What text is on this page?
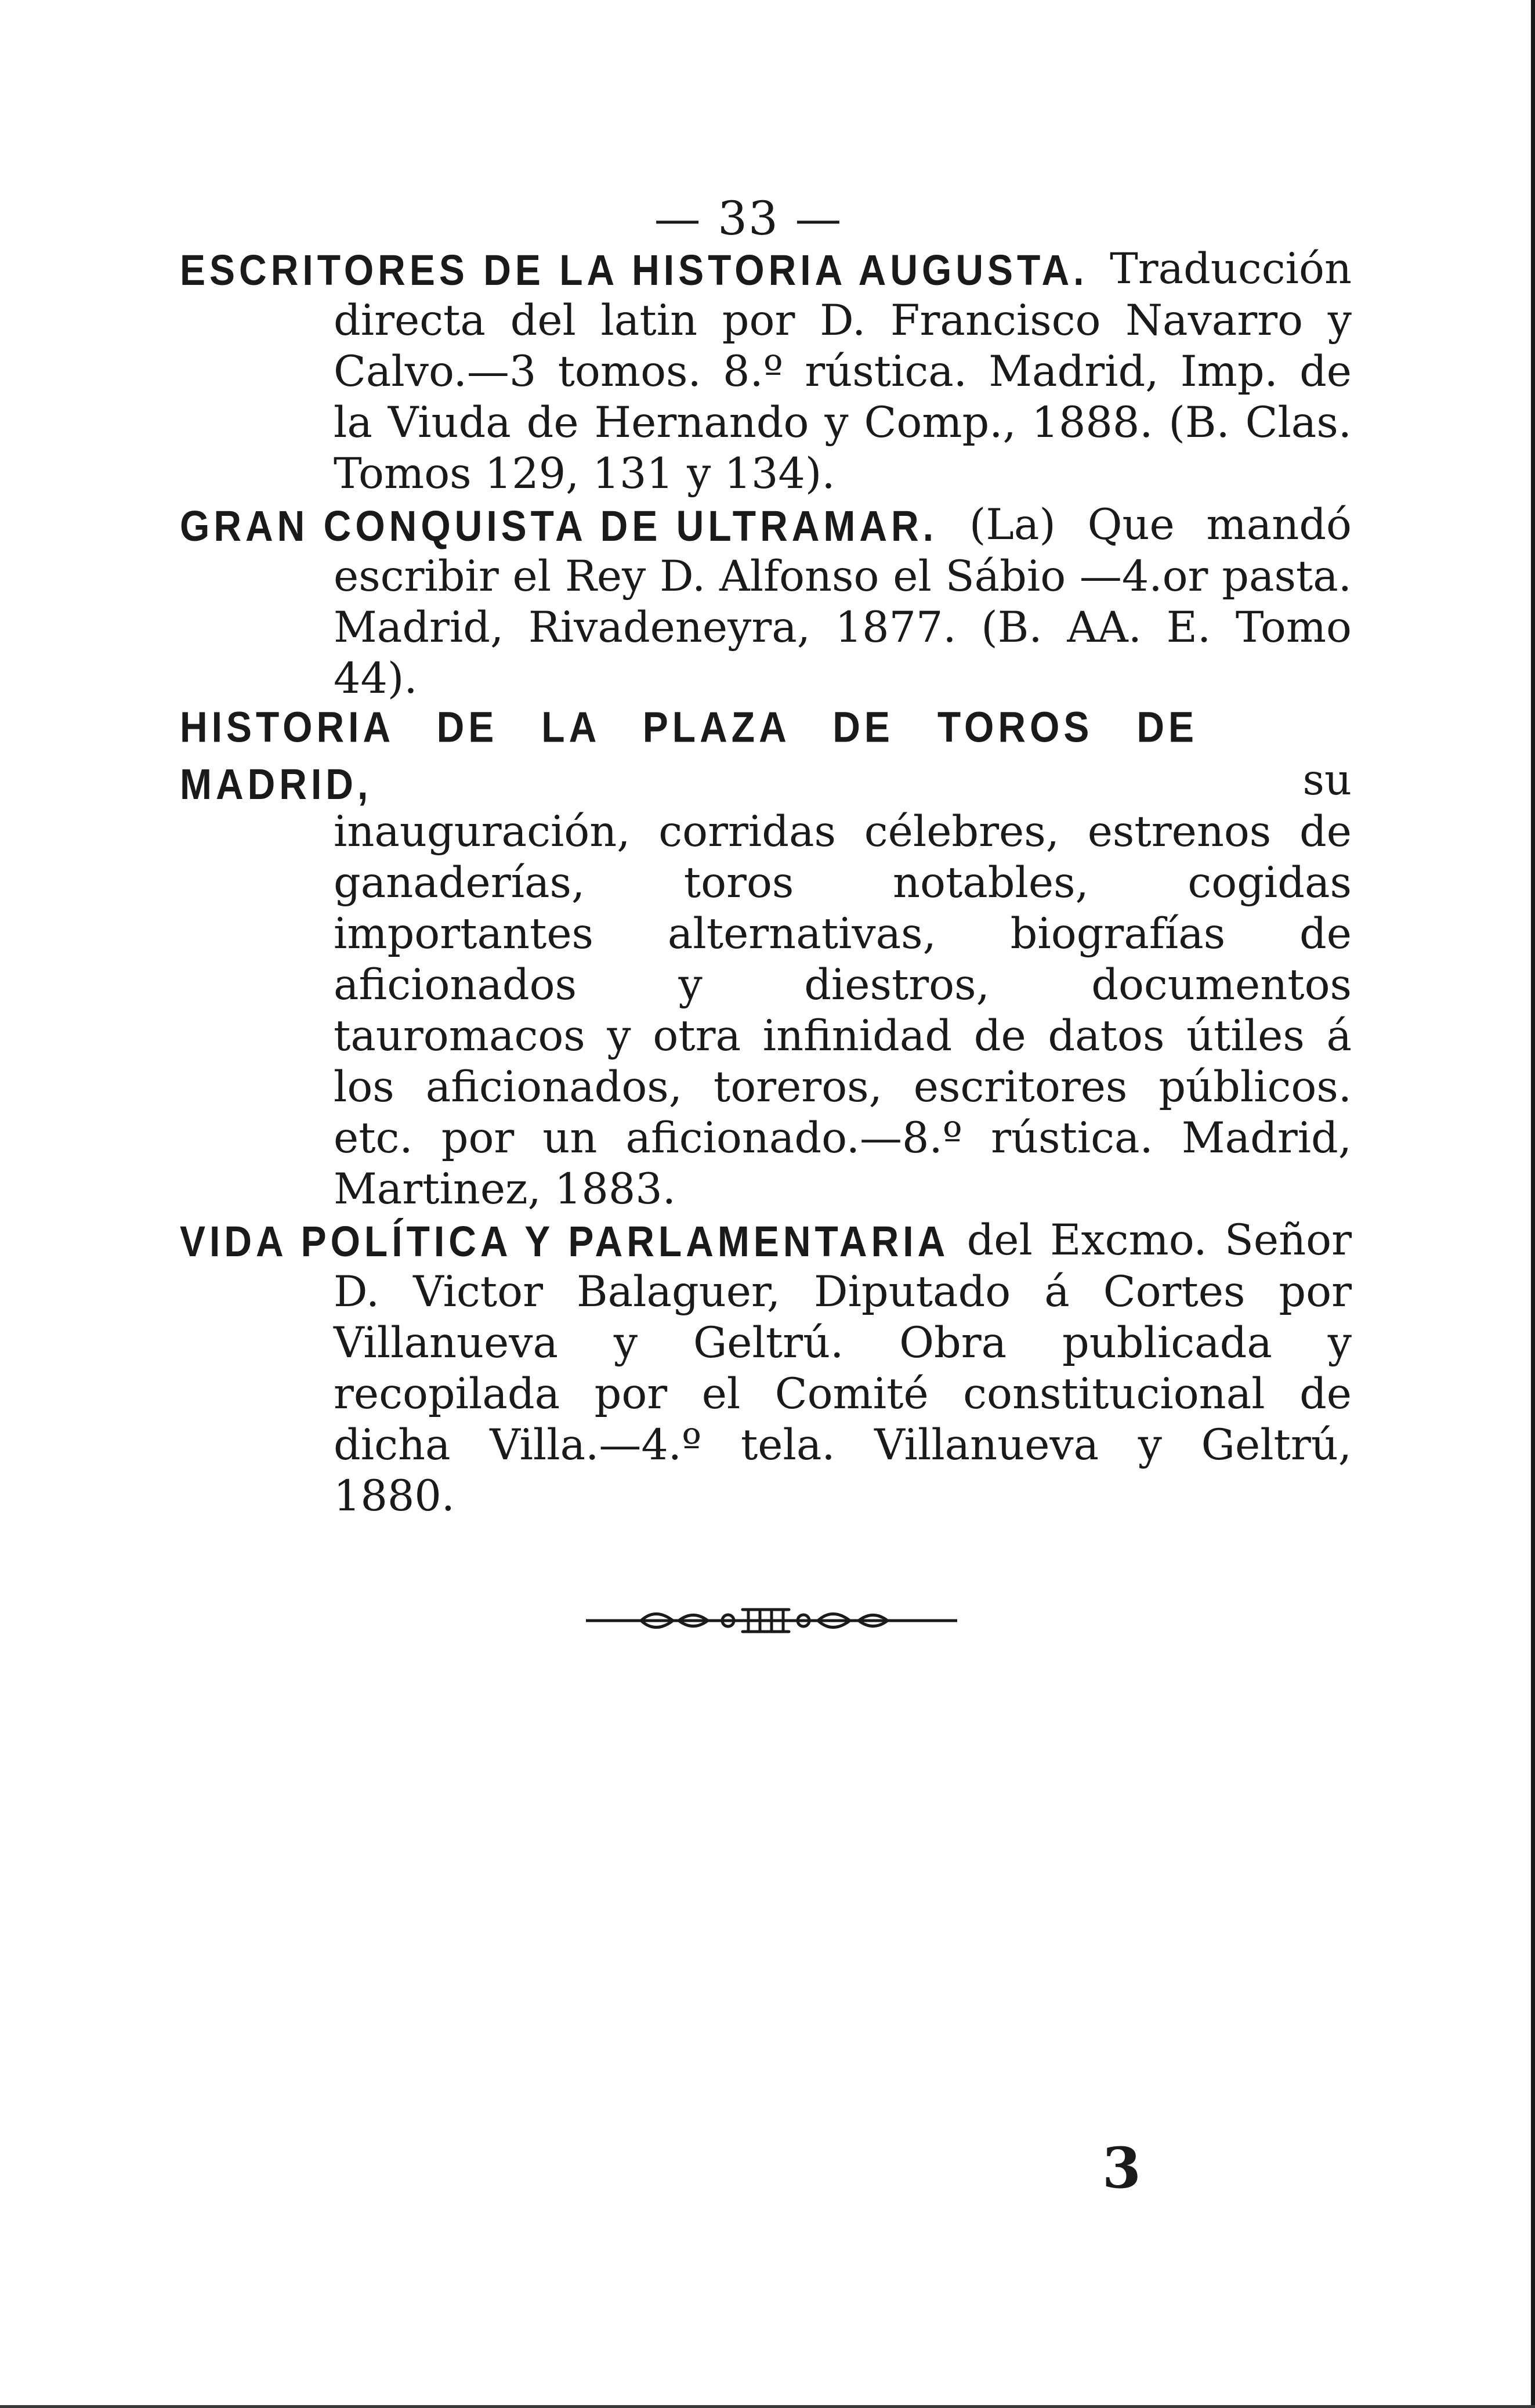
— 33 —

ESCRITORES DE LA HISTORIA AUGUSTA. Traducción directa del latin por D. Francisco Navarro y Calvo.—3 tomos. 8.º rústica. Madrid, Imp. de la Viuda de Hernando y Comp., 1888. (B. Clas. Tomos 129, 131 y 134).

GRAN CONQUISTA DE ULTRAMAR. (La) Que mandó escribir el Rey D. Alfonso el Sábio —4.or pasta. Madrid, Rivadeneyra, 1877. (B. AA. E. Tomo 44).

HISTORIA DE LA PLAZA DE TOROS DE MADRID,	su inauguración, corridas célebres, estrenos de ganaderías, toros notables, cogidas importantes alternativas, biografías de aficionados y diestros, documentos tauromacos y otra infinidad de datos útiles á los aficionados, toreros, escritores públicos. etc. por un aficionado.—8.º rústica. Madrid, Martinez, 1883.

VIDA POLÍTICA Y PARLAMENTARIA del Excmo. Señor D. Victor Balaguer, Diputado á Cortes por Villanueva y Geltrú. Obra publicada y recopilada por el Comité constitucional de dicha Villa.—4.º tela. Villanueva y Geltrú, 1880.

3
